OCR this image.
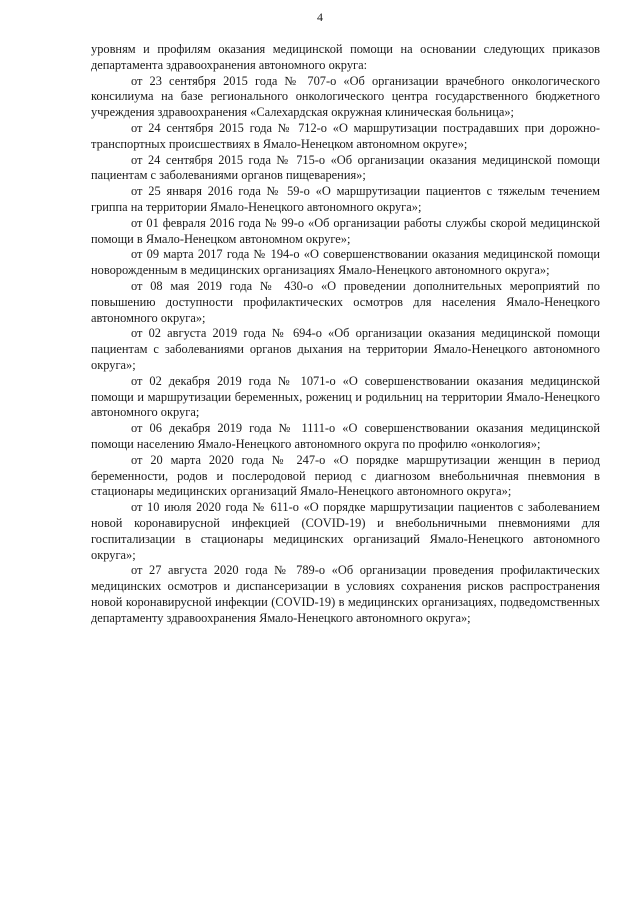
4

уровням и профилям оказания медицинской помощи на основании следующих приказов департамента здравоохранения автономного округа:

от 23 сентября 2015 года № 707-о «Об организации врачебного онкологического консилиума на базе регионального онкологического центра государственного бюджетного учреждения здравоохранения «Салехардская окружная клиническая больница»;

от 24 сентября 2015 года № 712-о «О маршрутизации пострадавших при дорожно-транспортных происшествиях в Ямало-Ненецком автономном округе»;

от 24 сентября 2015 года № 715-о «Об организации оказания медицинской помощи пациентам с заболеваниями органов пищеварения»;

от 25 января 2016 года № 59-о «О маршрутизации пациентов с тяжелым течением гриппа на территории Ямало-Ненецкого автономного округа»;

от 01 февраля 2016 года № 99-о «Об организации работы службы скорой медицинской помощи в Ямало-Ненецком автономном округе»;

от 09 марта 2017 года № 194-о «О совершенствовании оказания медицинской помощи новорожденным в медицинских организациях Ямало-Ненецкого автономного округа»;

от 08 мая 2019 года № 430-о «О проведении дополнительных мероприятий по повышению доступности профилактических осмотров для населения Ямало-Ненецкого автономного округа»;

от 02 августа 2019 года № 694-о «Об организации оказания медицинской помощи пациентам с заболеваниями органов дыхания на территории Ямало-Ненецкого автономного округа»;

от 02 декабря 2019 года № 1071-о «О совершенствовании оказания медицинской помощи и маршрутизации беременных, рожениц и родильниц на территории Ямало-Ненецкого автономного округа;

от 06 декабря 2019 года № 1111-о «О совершенствовании оказания медицинской помощи населению Ямало-Ненецкого автономного округа по профилю «онкология»;

от 20 марта 2020 года № 247-о «О порядке маршрутизации женщин в период беременности, родов и послеродовой период с диагнозом внебольничная пневмония в стационары медицинских организаций Ямало-Ненецкого автономного округа»;

от 10 июля 2020 года № 611-о «О порядке маршрутизации пациентов с заболеванием новой коронавирусной инфекцией (COVID-19) и внебольничными пневмониями для госпитализации в стационары медицинских организаций Ямало-Ненецкого автономного округа»;

от 27 августа 2020 года № 789-о «Об организации проведения профилактических медицинских осмотров и диспансеризации в условиях сохранения рисков распространения новой коронавирусной инфекции (COVID-19) в медицинских организациях, подведомственных департаменту здравоохранения Ямало-Ненецкого автономного округа»;
